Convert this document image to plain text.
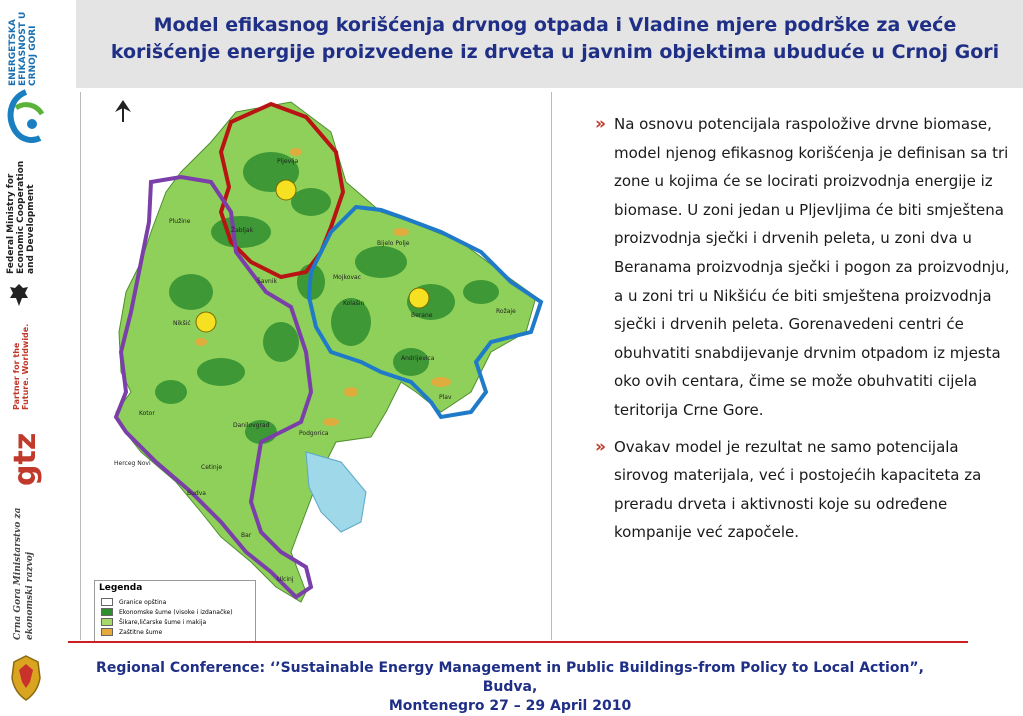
ENERGETSKA EFIKASNOST U CRNOJ GORI
Federal Ministry for Economic Cooperation and Development
Partner for the Future. Worldwide.
gtz
Crna Gora Ministarstvo za ekonomski razvoj
Model efikasnog korišćenja drvnog otpada i Vladine mjere podrške za veće korišćenje energije proizvedene iz drveta u javnim objektima ubuduće u Crnoj Gori
Pljevlja
Žabljak
Plužine
Bijelo Polje
Mojkovac
Kolašin
Berane
Rožaje
Andrijevica
Plav
Nikšić
Šavnik
Danilovgrad
Podgorica
Cetinje
Herceg Novi
Kotor
Budva
Bar
Ulcinj
Legenda
Granice opština
Ekonomske šume (visoke i izdanačke)
Šikare,ličarske šume i makija
Zaštitne šume
» Na osnovu potencijala raspoložive drvne biomase, model njenog efikasnog korišćenja je definisan sa tri zone u kojima će se locirati proizvodnja energije iz biomase. U zoni jedan u Pljevljima će biti smještena proizvodnja sječki i drvenih peleta, u zoni dva u Beranama proizvodnja sječki i pogon za proizvodnju, a u zoni tri u Nikšiću će biti smještena proizvodnja sječki i drvenih peleta. Gorenavedeni centri će obuhvatiti snabdijevanje drvnim otpadom iz mjesta oko ovih centara, čime se može obuhvatiti cijela teritorija Crne Gore.
» Ovakav model je rezultat ne samo potencijala sirovog materijala, već i postojećih kapaciteta za preradu drveta i aktivnosti koje su određene kompanije već započele.
Regional Conference: ‘’Sustainable Energy Management in Public Buildings-from Policy to Local Action”, Budva,
Montenegro 27 – 29 April 2010
